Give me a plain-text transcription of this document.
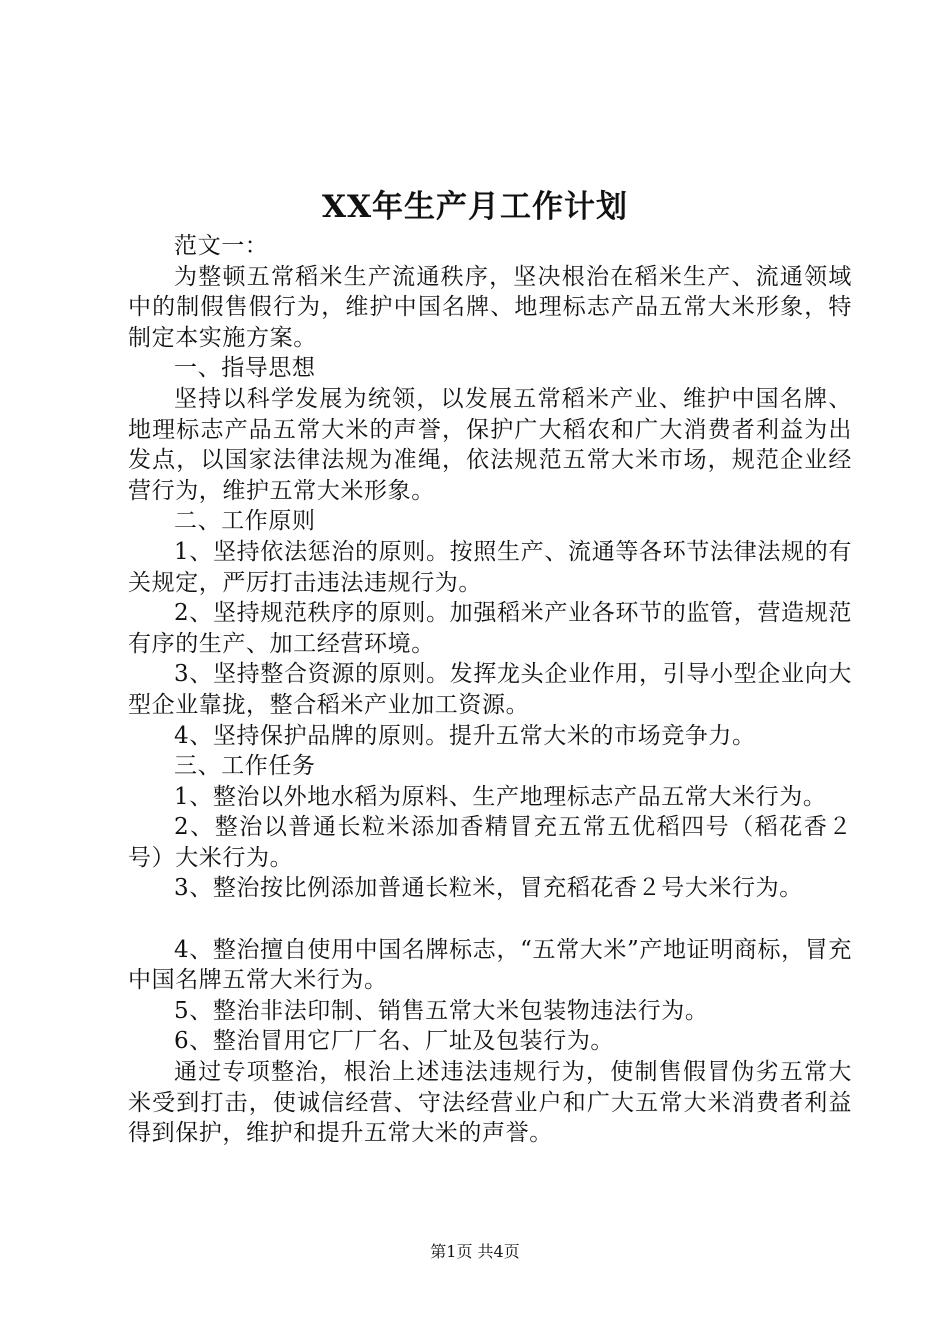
XX年生产月工作计划

范文一：

为整顿五常稻米生产流通秩序，坚决根治在稻米生产、流通领域中的制假售假行为，维护中国名牌、地理标志产品五常大米形象，特制定本实施方案。

一、指导思想

坚持以科学发展为统领，以发展五常稻米产业、维护中国名牌、地理标志产品五常大米的声誉，保护广大稻农和广大消费者利益为出发点，以国家法律法规为准绳，依法规范五常大米市场，规范企业经营行为，维护五常大米形象。

二、工作原则

1、坚持依法惩治的原则。按照生产、流通等各环节法律法规的有关规定，严厉打击违法违规行为。

2、坚持规范秩序的原则。加强稻米产业各环节的监管，营造规范有序的生产、加工经营环境。

3、坚持整合资源的原则。发挥龙头企业作用，引导小型企业向大型企业靠拢，整合稻米产业加工资源。

4、坚持保护品牌的原则。提升五常大米的市场竞争力。

三、工作任务

1、整治以外地水稻为原料、生产地理标志产品五常大米行为。

2、整治以普通长粒米添加香精冒充五常五优稻四号（稻花香２号）大米行为。

3、整治按比例添加普通长粒米，冒充稻花香２号大米行为。

4、整治擅自使用中国名牌标志，“五常大米”产地证明商标，冒充中国名牌五常大米行为。

5、整治非法印制、销售五常大米包装物违法行为。

6、整治冒用它厂厂名、厂址及包装行为。

通过专项整治，根治上述违法违规行为，使制售假冒伪劣五常大米受到打击，使诚信经营、守法经营业户和广大五常大米消费者利益得到保护，维护和提升五常大米的声誉。

第1页 共4页
